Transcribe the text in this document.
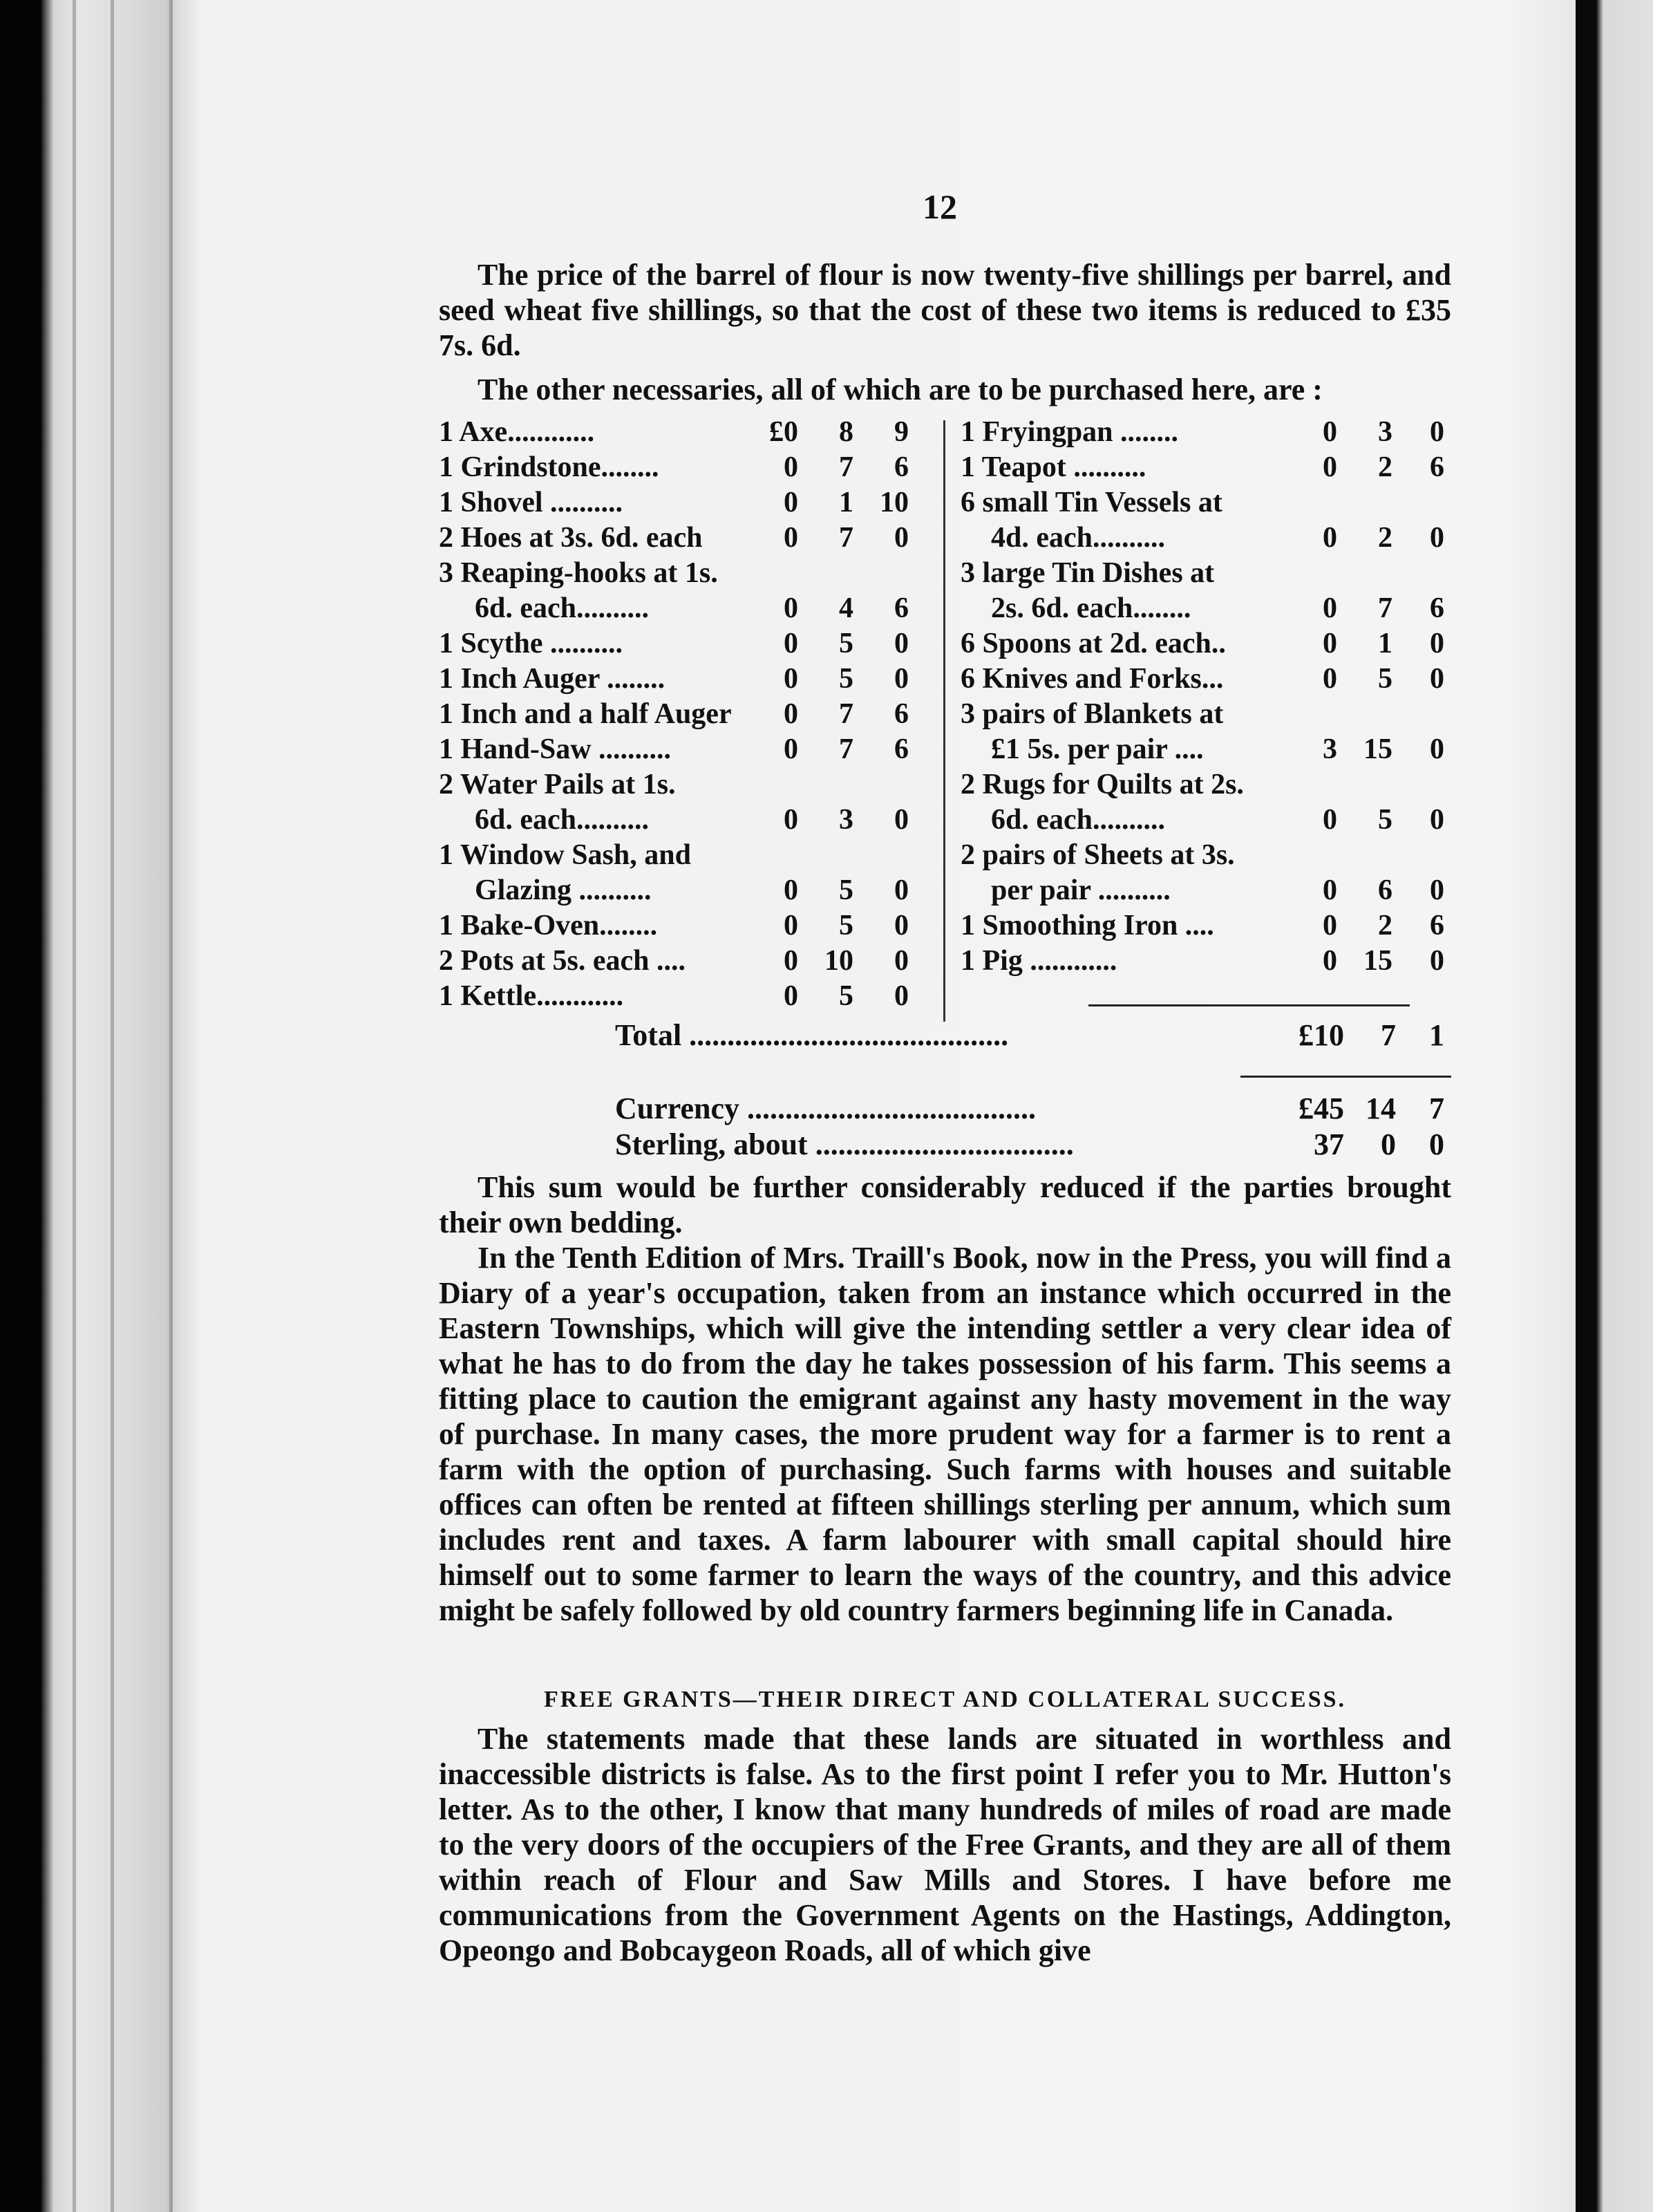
12

The price of the barrel of flour is now twenty-five shillings per barrel, and seed wheat five shillings, so that the cost of these two items is reduced to £35 7s. 6d.

The other necessaries, all of which are to be purchased here, are :

1 Axe............	£0 8 9
1 Grindstone........	0 7 6
1 Shovel ..........	0 1 10
2 Hoes at 3s. 6d. each	0 7 0
3 Reaping-hooks at 1s.
6d. each..........	0 4 6
1 Scythe ..........	0 5 0
1 Inch Auger ........	0 5 0
1 Inch and a half Auger 0 7 6
1 Hand-Saw ..........	0 7 6
2 Water Pails at 1s.
6d. each..........	0 3 0
1 Window Sash, and
Glazing ..........	0 5 0
1 Bake-Oven........	0 5 0
2 Pots at 5s. each ....	0 10 0
1 Kettle............	0 5 0
1 Fryingpan ........	0 3 0
1 Teapot ..........	0 2 6
6 small Tin Vessels at
4d. each..........	0 2 0
3 large Tin Dishes at
2s. 6d. each........	0 7 6
6 Spoons at 2d. each..	0 1 0
6 Knives and Forks...	0 5 0
3 pairs of Blankets at
£1 5s. per pair ....	3 15 0
2 Rugs for Quilts at 2s.
6d. each..........	0 5 0
2 pairs of Sheets at 3s.
per pair ..........	0 6 0
1 Smoothing Iron ....	0 2 6
1 Pig ............	0 15 0
Total ..........................................	£10 7 1
Currency ......................................	£45 14 7
Sterling, about ..................................	37 0 0

This sum would be further considerably reduced if the parties brought their own bedding.

In the Tenth Edition of Mrs. Traill's Book, now in the Press, you will find a Diary of a year's occupation, taken from an instance which occurred in the Eastern Townships, which will give the intending settler a very clear idea of what he has to do from the day he takes possession of his farm. This seems a fitting place to caution the emigrant against any hasty movement in the way of purchase. In many cases, the more prudent way for a farmer is to rent a farm with the option of purchasing. Such farms with houses and suitable offices can often be rented at fifteen shillings sterling per annum, which sum includes rent and taxes. A farm labourer with small capital should hire himself out to some farmer to learn the ways of the country, and this advice might be safely followed by old country farmers beginning life in Canada.

FREE GRANTS—THEIR DIRECT AND COLLATERAL SUCCESS.

The statements made that these lands are situated in worthless and inaccessible districts is false. As to the first point I refer you to Mr. Hutton's letter. As to the other, I know that many hundreds of miles of road are made to the very doors of the occupiers of the Free Grants, and they are all of them within reach of Flour and Saw Mills and Stores. I have before me communications from the Government Agents on the Hastings, Addington, Opeongo and Bobcaygeon Roads, all of which give
